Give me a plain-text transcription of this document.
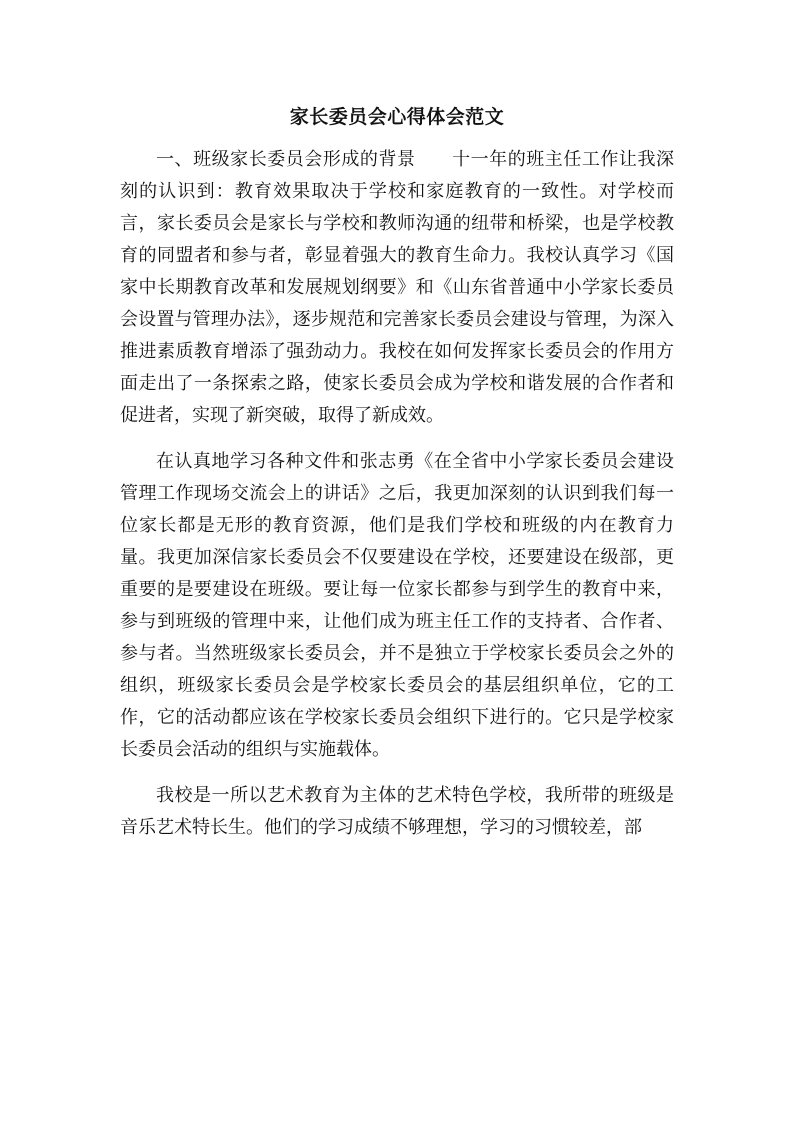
家长委员会心得体会范文

一、班级家长委员会形成的背景 十一年的班主任工作让我深刻的认识到：教育效果取决于学校和家庭教育的一致性。对学校而言，家长委员会是家长与学校和教师沟通的纽带和桥梁，也是学校教育的同盟者和参与者，彰显着强大的教育生命力。我校认真学习《国家中长期教育改革和发展规划纲要》和《山东省普通中小学家长委员会设置与管理办法》，逐步规范和完善家长委员会建设与管理，为深入推进素质教育增添了强劲动力。我校在如何发挥家长委员会的作用方面走出了一条探索之路，使家长委员会成为学校和谐发展的合作者和促进者，实现了新突破，取得了新成效。

在认真地学习各种文件和张志勇《在全省中小学家长委员会建设管理工作现场交流会上的讲话》之后，我更加深刻的认识到我们每一位家长都是无形的教育资源，他们是我们学校和班级的内在教育力量。我更加深信家长委员会不仅要建设在学校，还要建设在级部，更重要的是要建设在班级。要让每一位家长都参与到学生的教育中来，参与到班级的管理中来，让他们成为班主任工作的支持者、合作者、参与者。当然班级家长委员会，并不是独立于学校家长委员会之外的组织，班级家长委员会是学校家长委员会的基层组织单位，它的工作，它的活动都应该在学校家长委员会组织下进行的。它只是学校家长委员会活动的组织与实施载体。

我校是一所以艺术教育为主体的艺术特色学校，我所带的班级是音乐艺术特长生。他们的学习成绩不够理想，学习的习惯较差，部
